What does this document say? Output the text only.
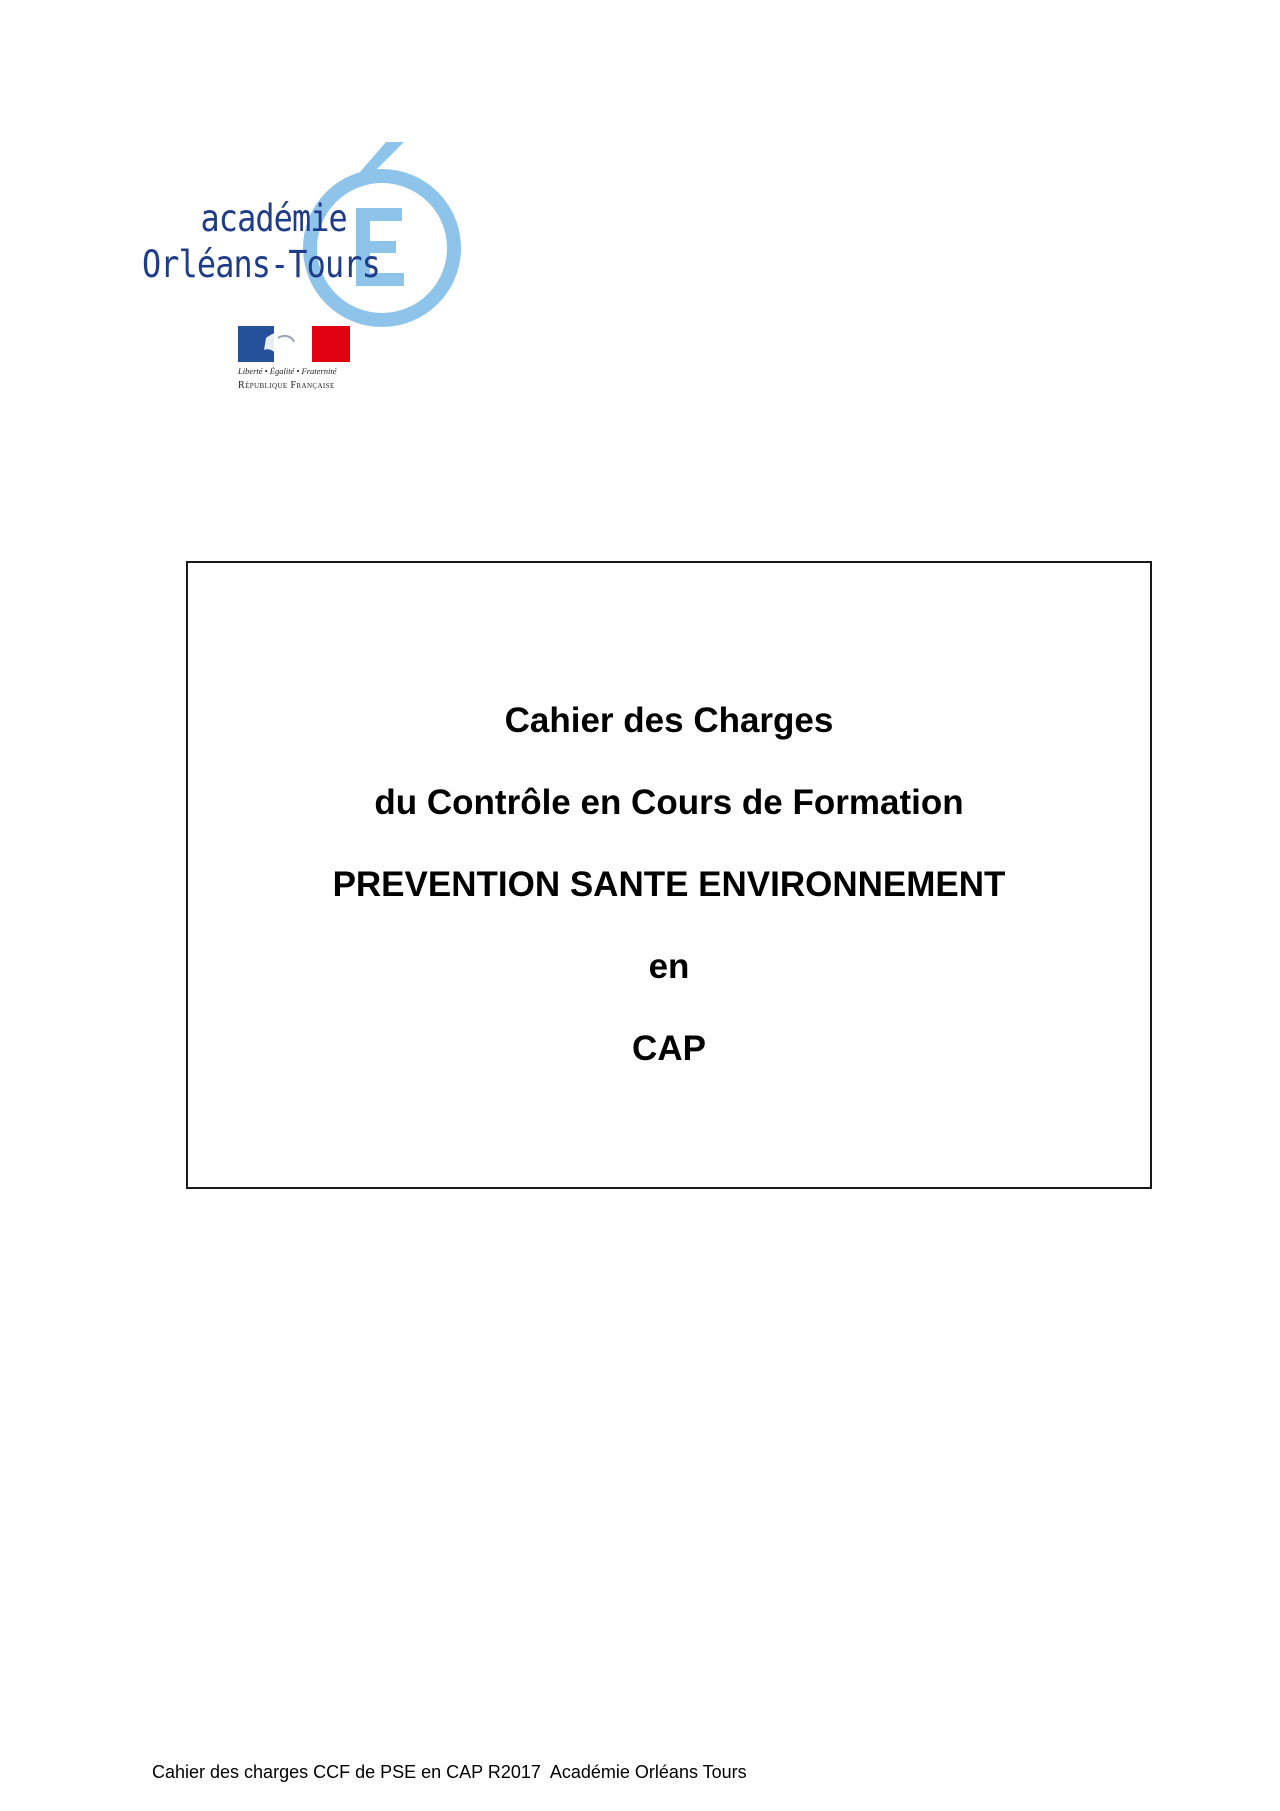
académie
Orléans-Tours
Liberté • Égalité • Fraternité
République Française
Cahier des Charges
du Contrôle en Cours de Formation
PREVENTION SANTE ENVIRONNEMENT
en
CAP
Cahier des charges CCF de PSE en CAP R2017  Académie Orléans Tours
